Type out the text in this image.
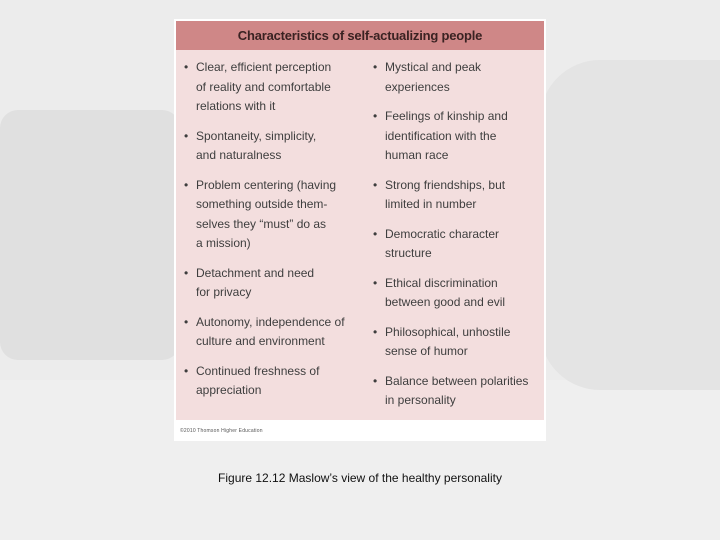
Characteristics of self-actualizing people
• Clear, efficient perception
of reality and comfortable
relations with it
• Spontaneity, simplicity,
and naturalness
• Problem centering (having
something outside them-
selves they “must” do as
a mission)
• Detachment and need
for privacy
• Autonomy, independence of
culture and environment
• Continued freshness of
appreciation
• Mystical and peak
experiences
• Feelings of kinship and
identification with the
human race
• Strong friendships, but
limited in number
• Democratic character
structure
• Ethical discrimination
between good and evil
• Philosophical, unhostile
sense of humor
• Balance between polarities
in personality
©2010 Thomson Higher Education
Figure 12.12 Maslow’s view of the healthy personality
